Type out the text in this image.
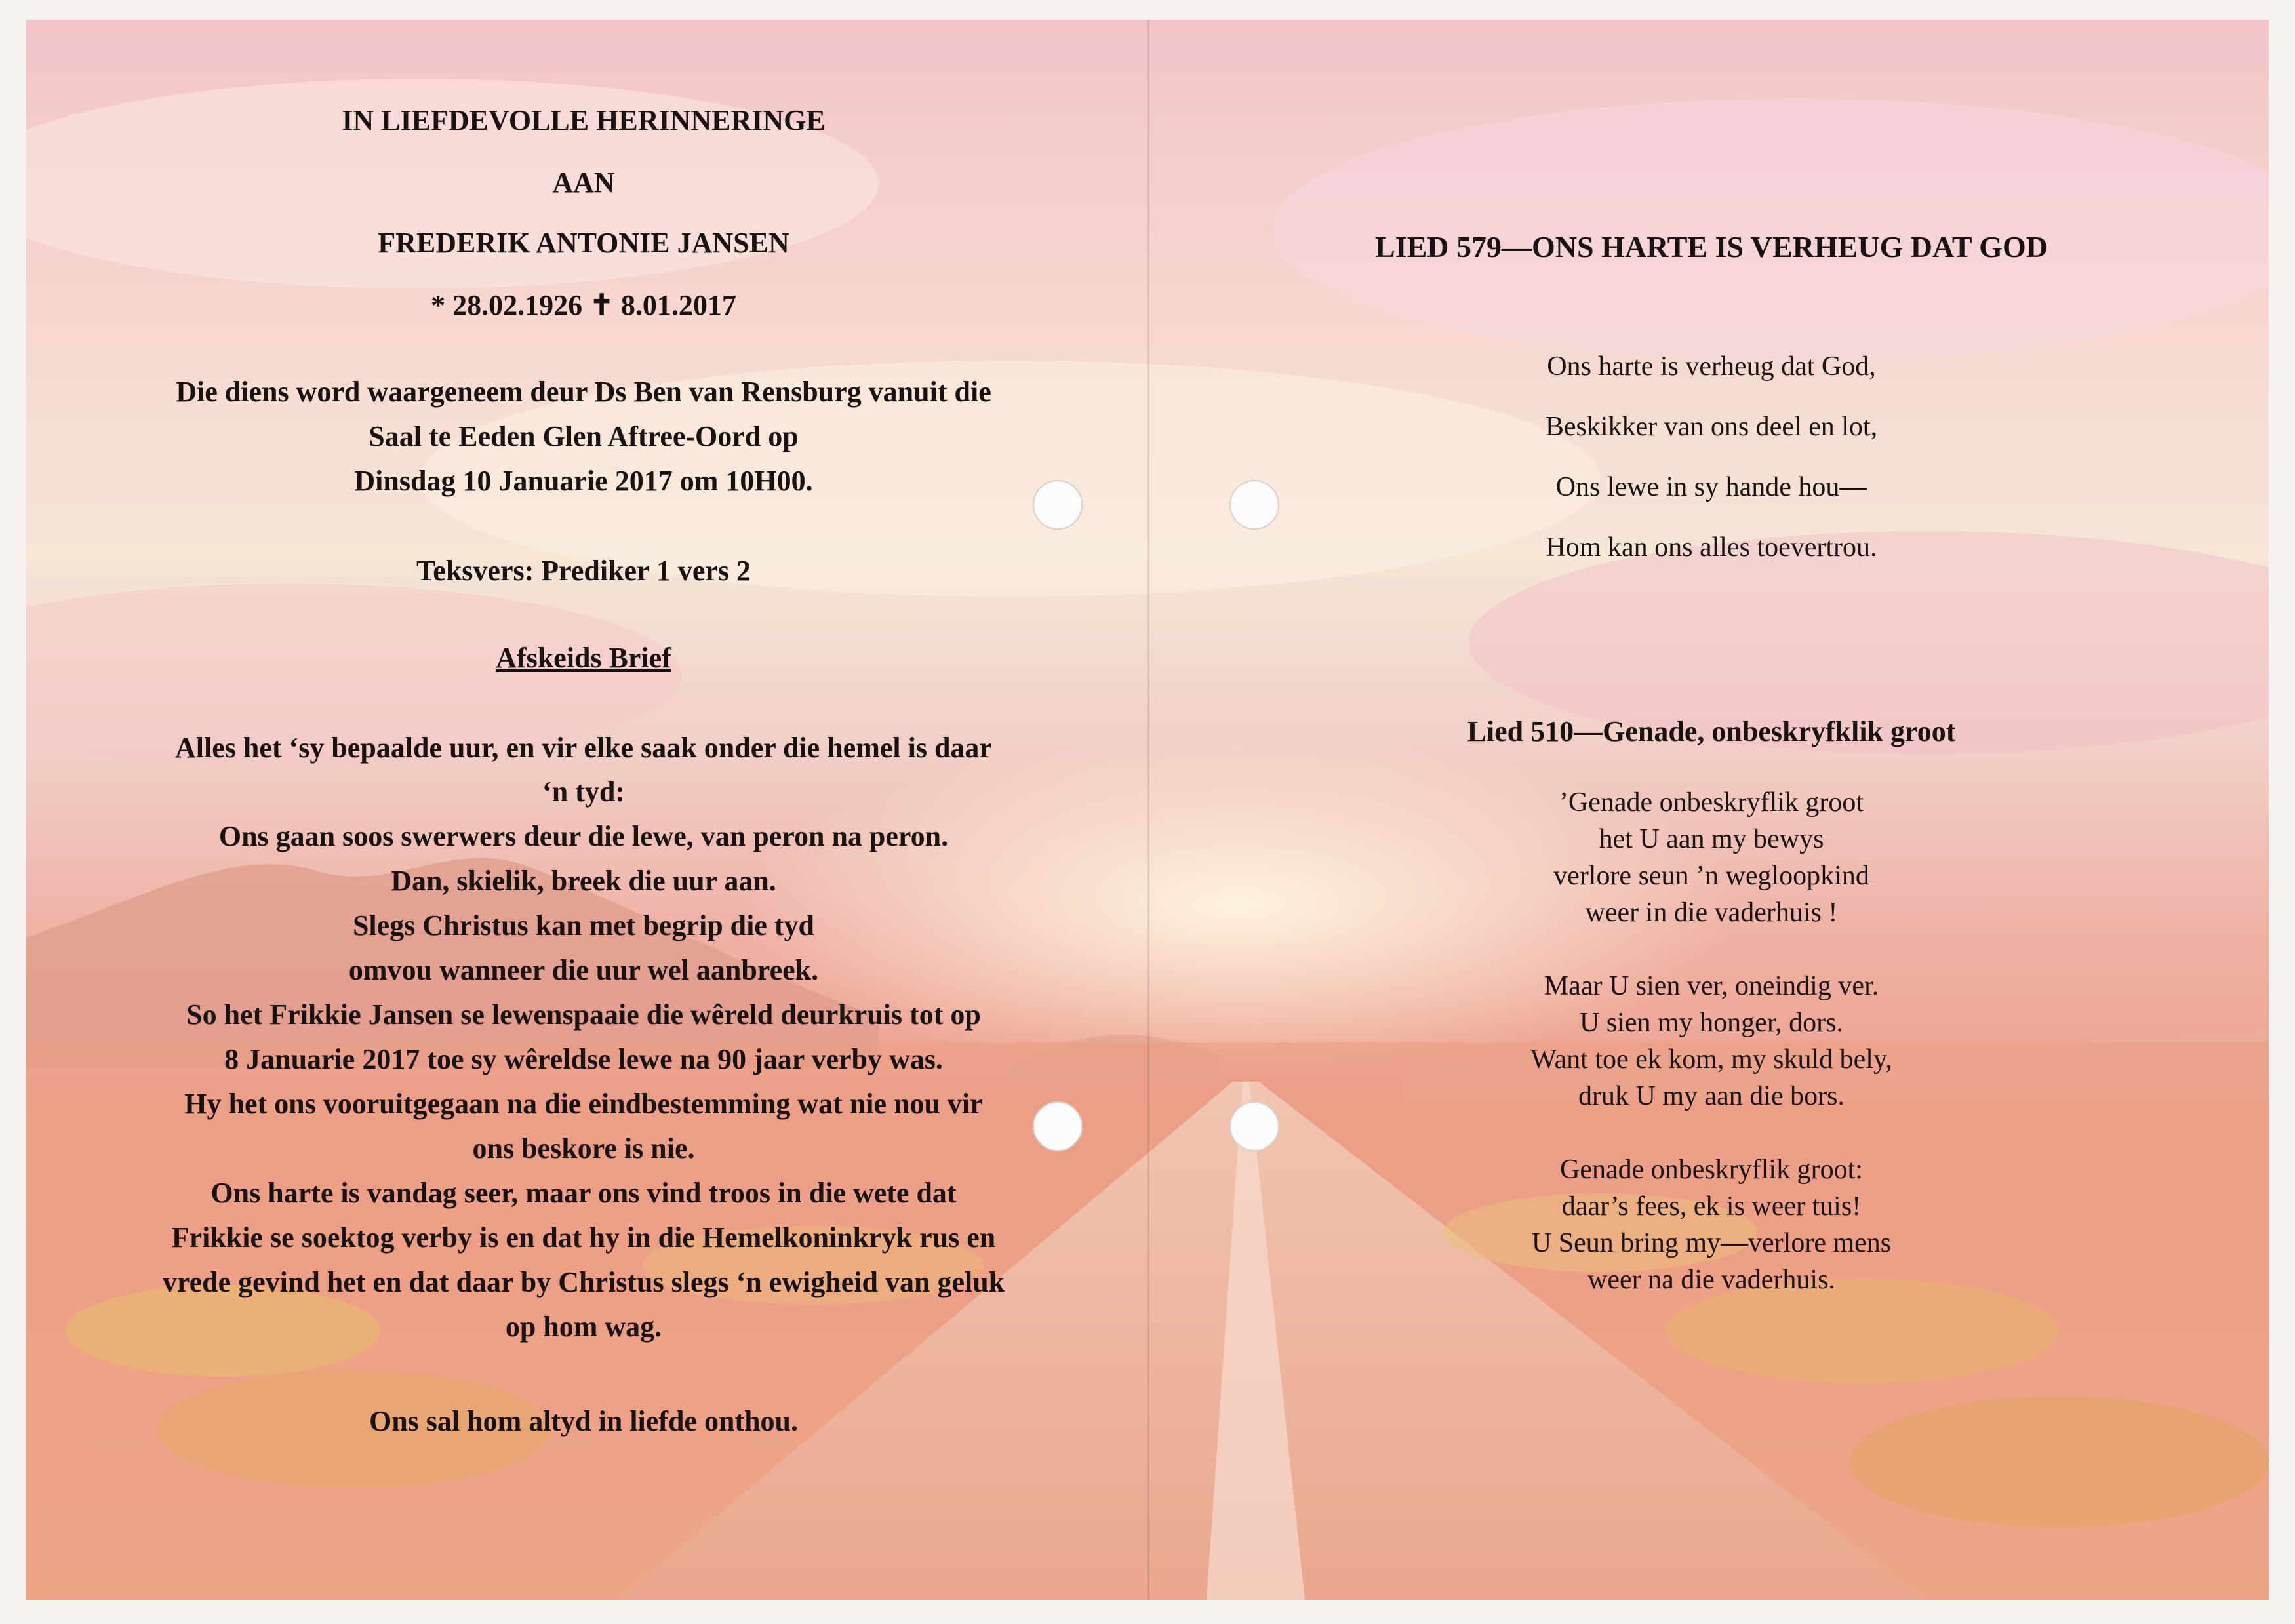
IN LIEFDEVOLLE HERINNERINGE
AAN
FREDERIK ANTONIE JANSEN
* 28.02.1926 ✝ 8.01.2017
Die diens word waargeneem deur Ds Ben van Rensburg vanuit die
Saal te Eeden Glen Aftree-Oord op
Dinsdag 10 Januarie 2017 om 10H00.
Teksvers: Prediker 1 vers 2
Afskeids Brief
Alles het ‘sy bepaalde uur, en vir elke saak onder die hemel is daar
‘n tyd:
Ons gaan soos swerwers deur die lewe, van peron na peron.
Dan, skielik, breek die uur aan.
Slegs Christus kan met begrip die tyd
omvou wanneer die uur wel aanbreek.
So het Frikkie Jansen se lewenspaaie die wêreld deurkruis tot op
8 Januarie 2017 toe sy wêreldse lewe na 90 jaar verby was.
Hy het ons vooruitgegaan na die eindbestemming wat nie nou vir
ons beskore is nie.
Ons harte is vandag seer, maar ons vind troos in die wete dat
Frikkie se soektog verby is en dat hy in die Hemelkoninkryk rus en
vrede gevind het en dat daar by Christus slegs ‘n ewigheid van geluk
op hom wag.
Ons sal hom altyd in liefde onthou.
LIED 579—ONS HARTE IS VERHEUG DAT GOD
Ons harte is verheug dat God,
Beskikker van ons deel en lot,
Ons lewe in sy hande hou—
Hom kan ons alles toevertrou.
Lied 510—Genade, onbeskryfklik groot
’Genade onbeskryflik groot
het U aan my bewys
verlore seun ’n wegloopkind
weer in die vaderhuis !
Maar U sien ver, oneindig ver.
U sien my honger, dors.
Want toe ek kom, my skuld bely,
druk U my aan die bors.
Genade onbeskryflik groot:
daar’s fees, ek is weer tuis!
U Seun bring my—verlore mens
weer na die vaderhuis.
